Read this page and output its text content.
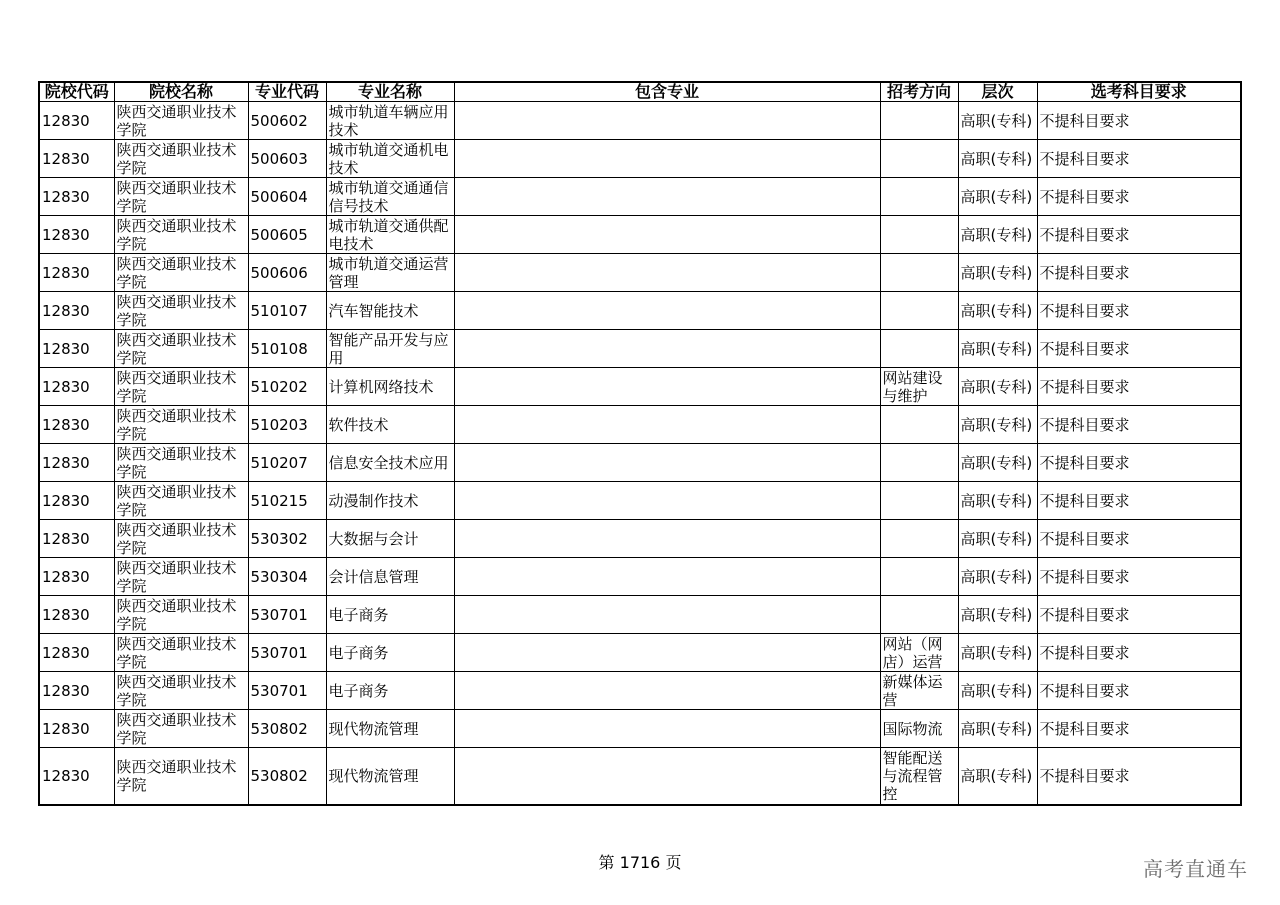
院校代码	院校名称	专业代码	专业名称	包含专业	招考方向	层次	选考科目要求
12830	陕西交通职业技术学院	500602	城市轨道车辆应用技术			高职(专科)	不提科目要求
12830	陕西交通职业技术学院	500603	城市轨道交通机电技术			高职(专科)	不提科目要求
12830	陕西交通职业技术学院	500604	城市轨道交通通信信号技术			高职(专科)	不提科目要求
12830	陕西交通职业技术学院	500605	城市轨道交通供配电技术			高职(专科)	不提科目要求
12830	陕西交通职业技术学院	500606	城市轨道交通运营管理			高职(专科)	不提科目要求
12830	陕西交通职业技术学院	510107	汽车智能技术			高职(专科)	不提科目要求
12830	陕西交通职业技术学院	510108	智能产品开发与应用			高职(专科)	不提科目要求
12830	陕西交通职业技术学院	510202	计算机网络技术		网站建设与维护	高职(专科)	不提科目要求
12830	陕西交通职业技术学院	510203	软件技术			高职(专科)	不提科目要求
12830	陕西交通职业技术学院	510207	信息安全技术应用			高职(专科)	不提科目要求
12830	陕西交通职业技术学院	510215	动漫制作技术			高职(专科)	不提科目要求
12830	陕西交通职业技术学院	530302	大数据与会计			高职(专科)	不提科目要求
12830	陕西交通职业技术学院	530304	会计信息管理			高职(专科)	不提科目要求
12830	陕西交通职业技术学院	530701	电子商务			高职(专科)	不提科目要求
12830	陕西交通职业技术学院	530701	电子商务		网站（网店）运营	高职(专科)	不提科目要求
12830	陕西交通职业技术学院	530701	电子商务		新媒体运营	高职(专科)	不提科目要求
12830	陕西交通职业技术学院	530802	现代物流管理		国际物流	高职(专科)	不提科目要求
12830	陕西交通职业技术学院	530802	现代物流管理		智能配送与流程管控	高职(专科)	不提科目要求
第 1716 页	高考直通车
